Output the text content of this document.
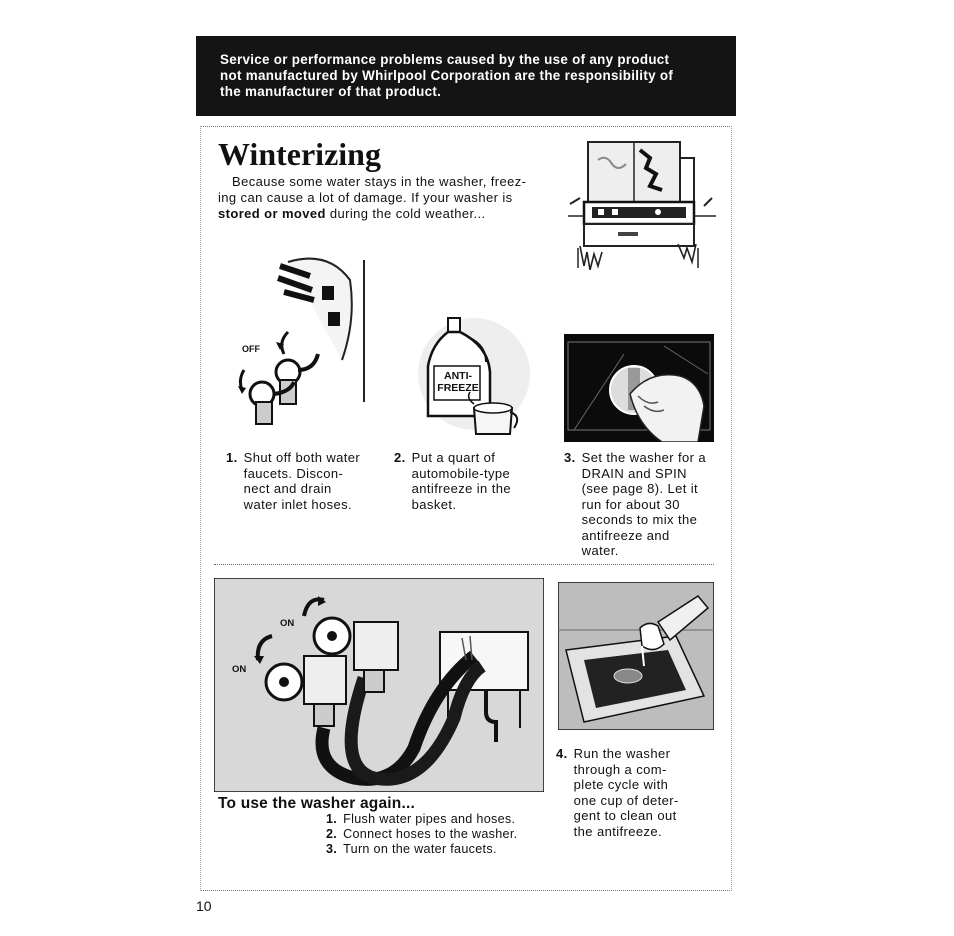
Service or performance problems caused by the use of any product
not manufactured by Whirlpool Corporation are the responsibility of
the manufacturer of that product.
Winterizing
Because some water stays in the washer, freez-
ing can cause a lot of damage. If your washer is
stored or moved during the cold weather...
OFF
ANTI-
FREEZE
1. Shut off both water
faucets. Discon-
nect and drain
water inlet hoses.
2. Put a quart of
automobile-type
antifreeze in the
basket.
3. Set the washer for a
DRAIN and SPIN
(see page 8). Let it
run for about 30
seconds to mix the
antifreeze and
water.
ON
ON
4. Run the washer
through a com-
plete cycle with
one cup of deter-
gent to clean out
the antifreeze.
To use the washer again...
1. Flush water pipes and hoses.
2. Connect hoses to the washer.
3. Turn on the water faucets.
10
